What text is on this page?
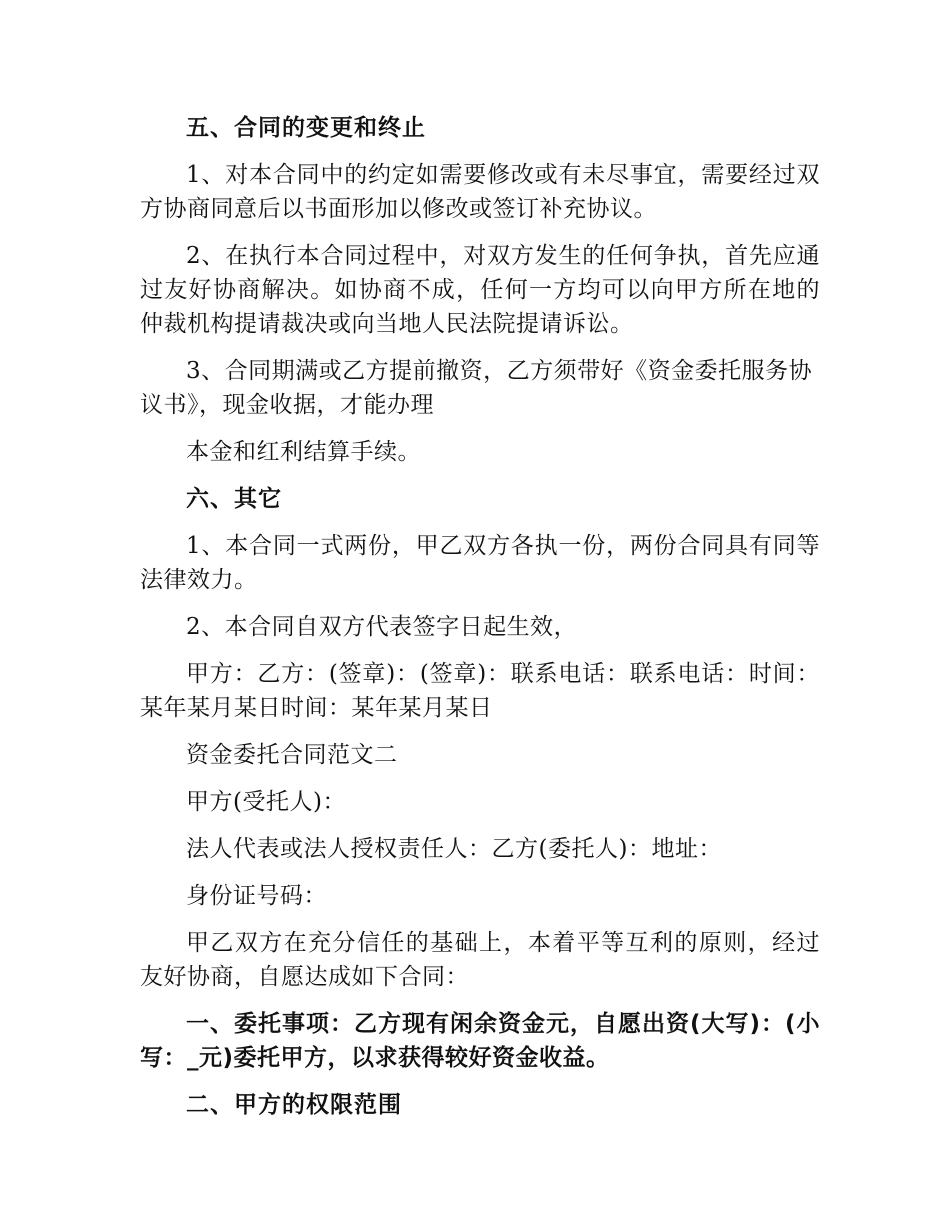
五、合同的变更和终止

1、对本合同中的约定如需要修改或有未尽事宜，需要经过双方协商同意后以书面形加以修改或签订补充协议。

2、在执行本合同过程中，对双方发生的任何争执，首先应通过友好协商解决。如协商不成，任何一方均可以向甲方所在地的仲裁机构提请裁决或向当地人民法院提请诉讼。

3、合同期满或乙方提前撤资，乙方须带好《资金委托服务协议书》，现金收据，才能办理

本金和红利结算手续。

六、其它

1、本合同一式两份，甲乙双方各执一份，两份合同具有同等法律效力。

2、本合同自双方代表签字日起生效，

甲方：乙方：(签章)：(签章)：联系电话：联系电话：时间：某年某月某日时间：某年某月某日

资金委托合同范文二

甲方(受托人)：

法人代表或法人授权责任人：乙方(委托人)：地址：

身份证号码：

甲乙双方在充分信任的基础上，本着平等互利的原则，经过友好协商，自愿达成如下合同：

一、委托事项：乙方现有闲余资金元，自愿出资(大写)：(小写：_元)委托甲方，以求获得较好资金收益。

二、甲方的权限范围
